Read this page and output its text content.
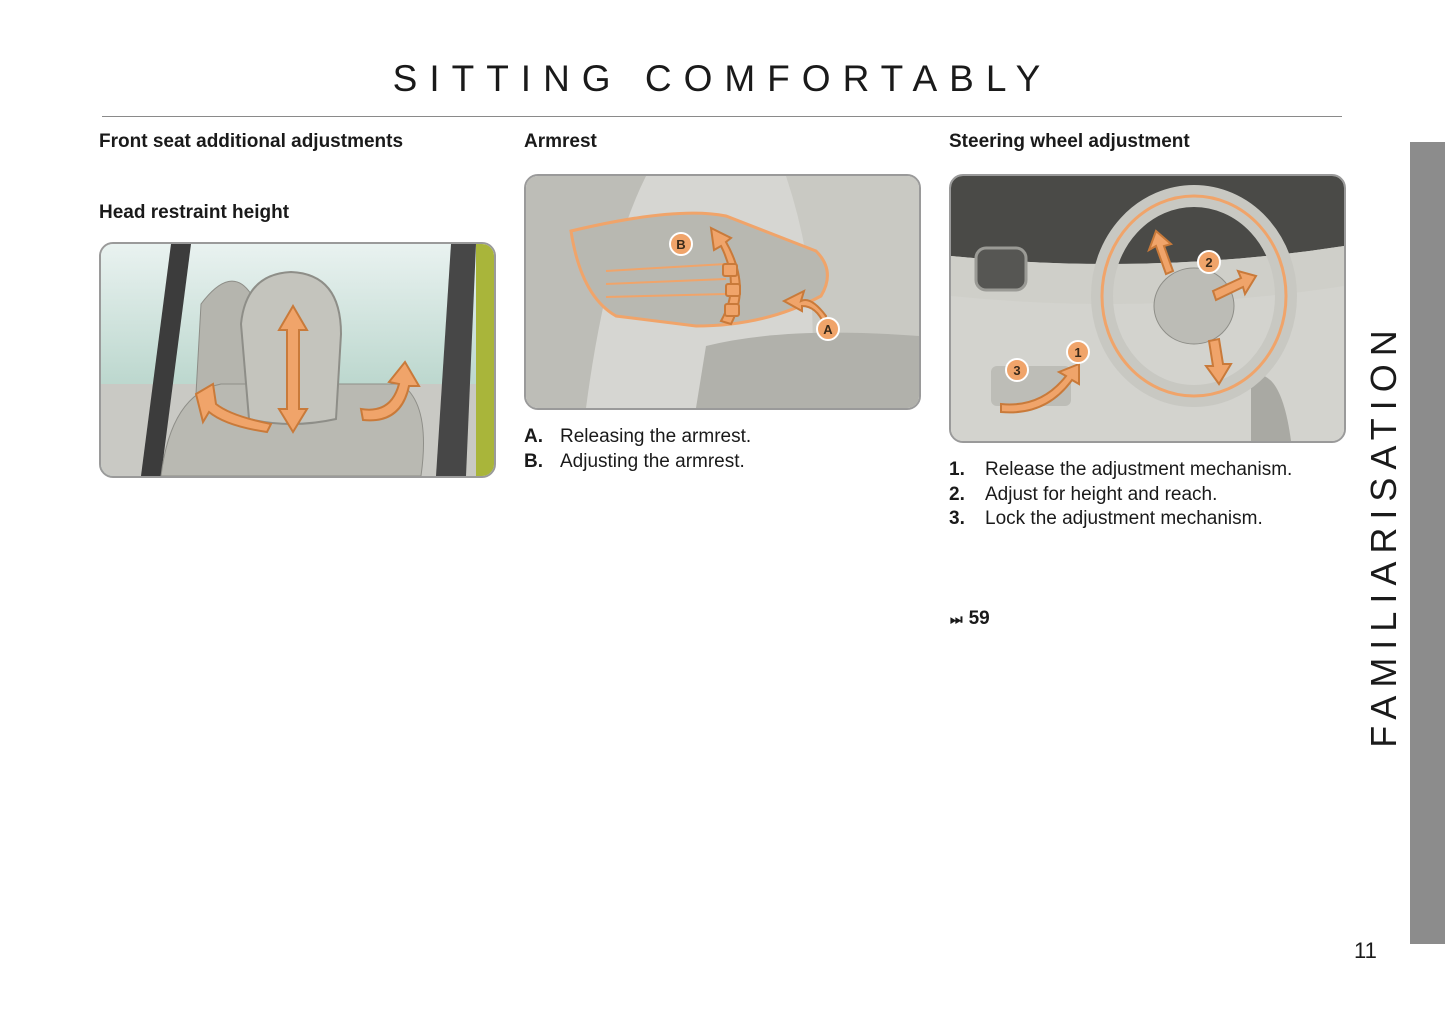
SITTING COMFORTABLY
Front seat additional adjustments
Head restraint height
Armrest
B
A
A. Releasing the armrest.
B. Adjusting the armrest.
Steering wheel adjustment
1
2
3
1.	Release the adjustment mechanism.
2.	Adjust for height and reach.
3.	Lock the adjustment mechanism.
⏭ 59	FAMILIARISATION
11
